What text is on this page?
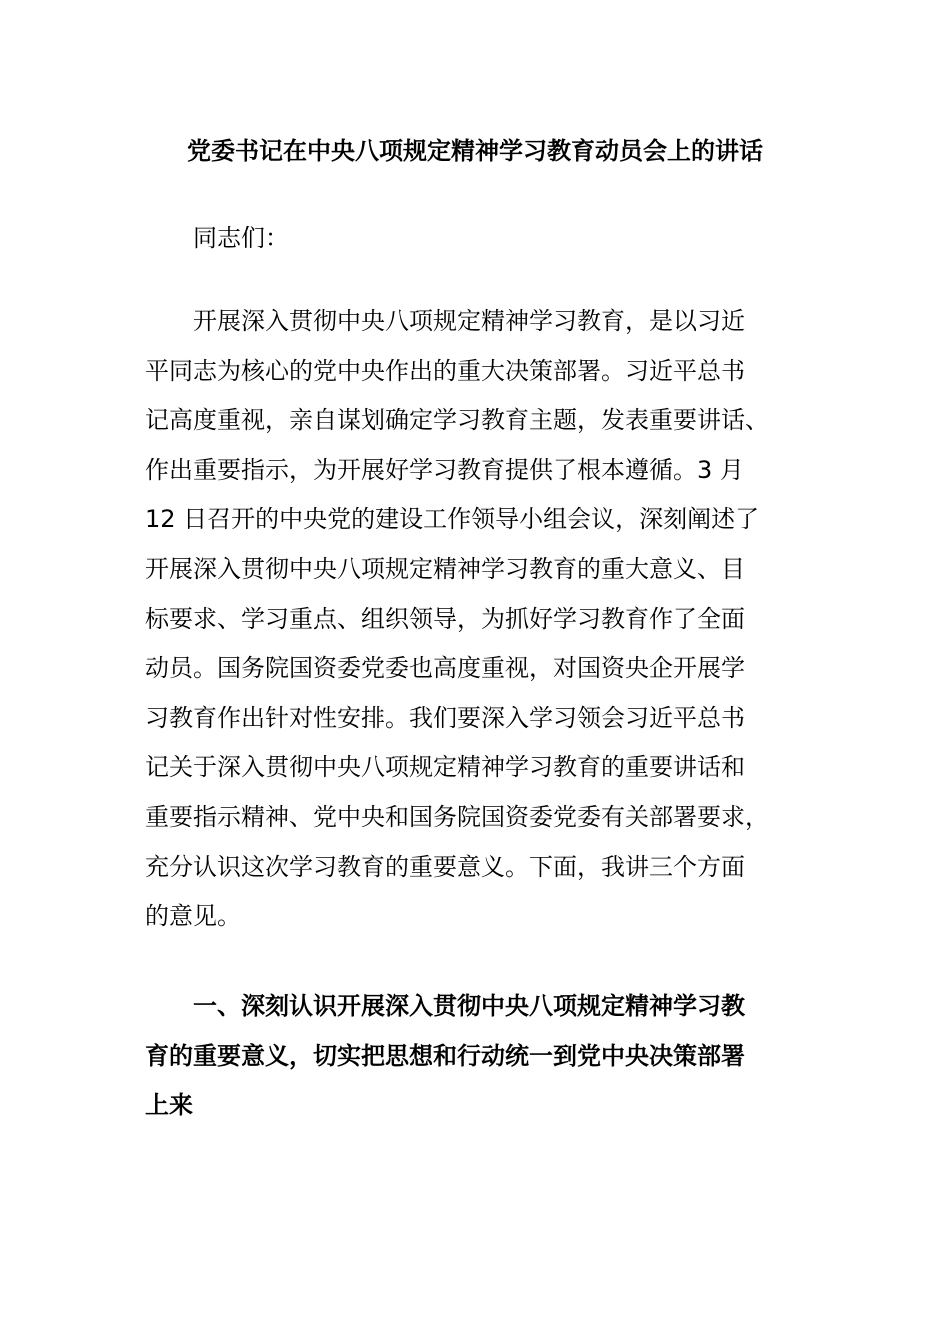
党委书记在中央八项规定精神学习教育动员会上的讲话
同志们：
开展深入贯彻中央八项规定精神学习教育，是以习近
平同志为核心的党中央作出的重大决策部署。习近平总书
记高度重视，亲自谋划确定学习教育主题，发表重要讲话、
作出重要指示，为开展好学习教育提供了根本遵循。3 月
12 日召开的中央党的建设工作领导小组会议，深刻阐述了
开展深入贯彻中央八项规定精神学习教育的重大意义、目
标要求、学习重点、组织领导，为抓好学习教育作了全面
动员。国务院国资委党委也高度重视，对国资央企开展学
习教育作出针对性安排。我们要深入学习领会习近平总书
记关于深入贯彻中央八项规定精神学习教育的重要讲话和
重要指示精神、党中央和国务院国资委党委有关部署要求，
充分认识这次学习教育的重要意义。下面，我讲三个方面
的意见。
一、深刻认识开展深入贯彻中央八项规定精神学习教
育的重要意义，切实把思想和行动统一到党中央决策部署
上来
